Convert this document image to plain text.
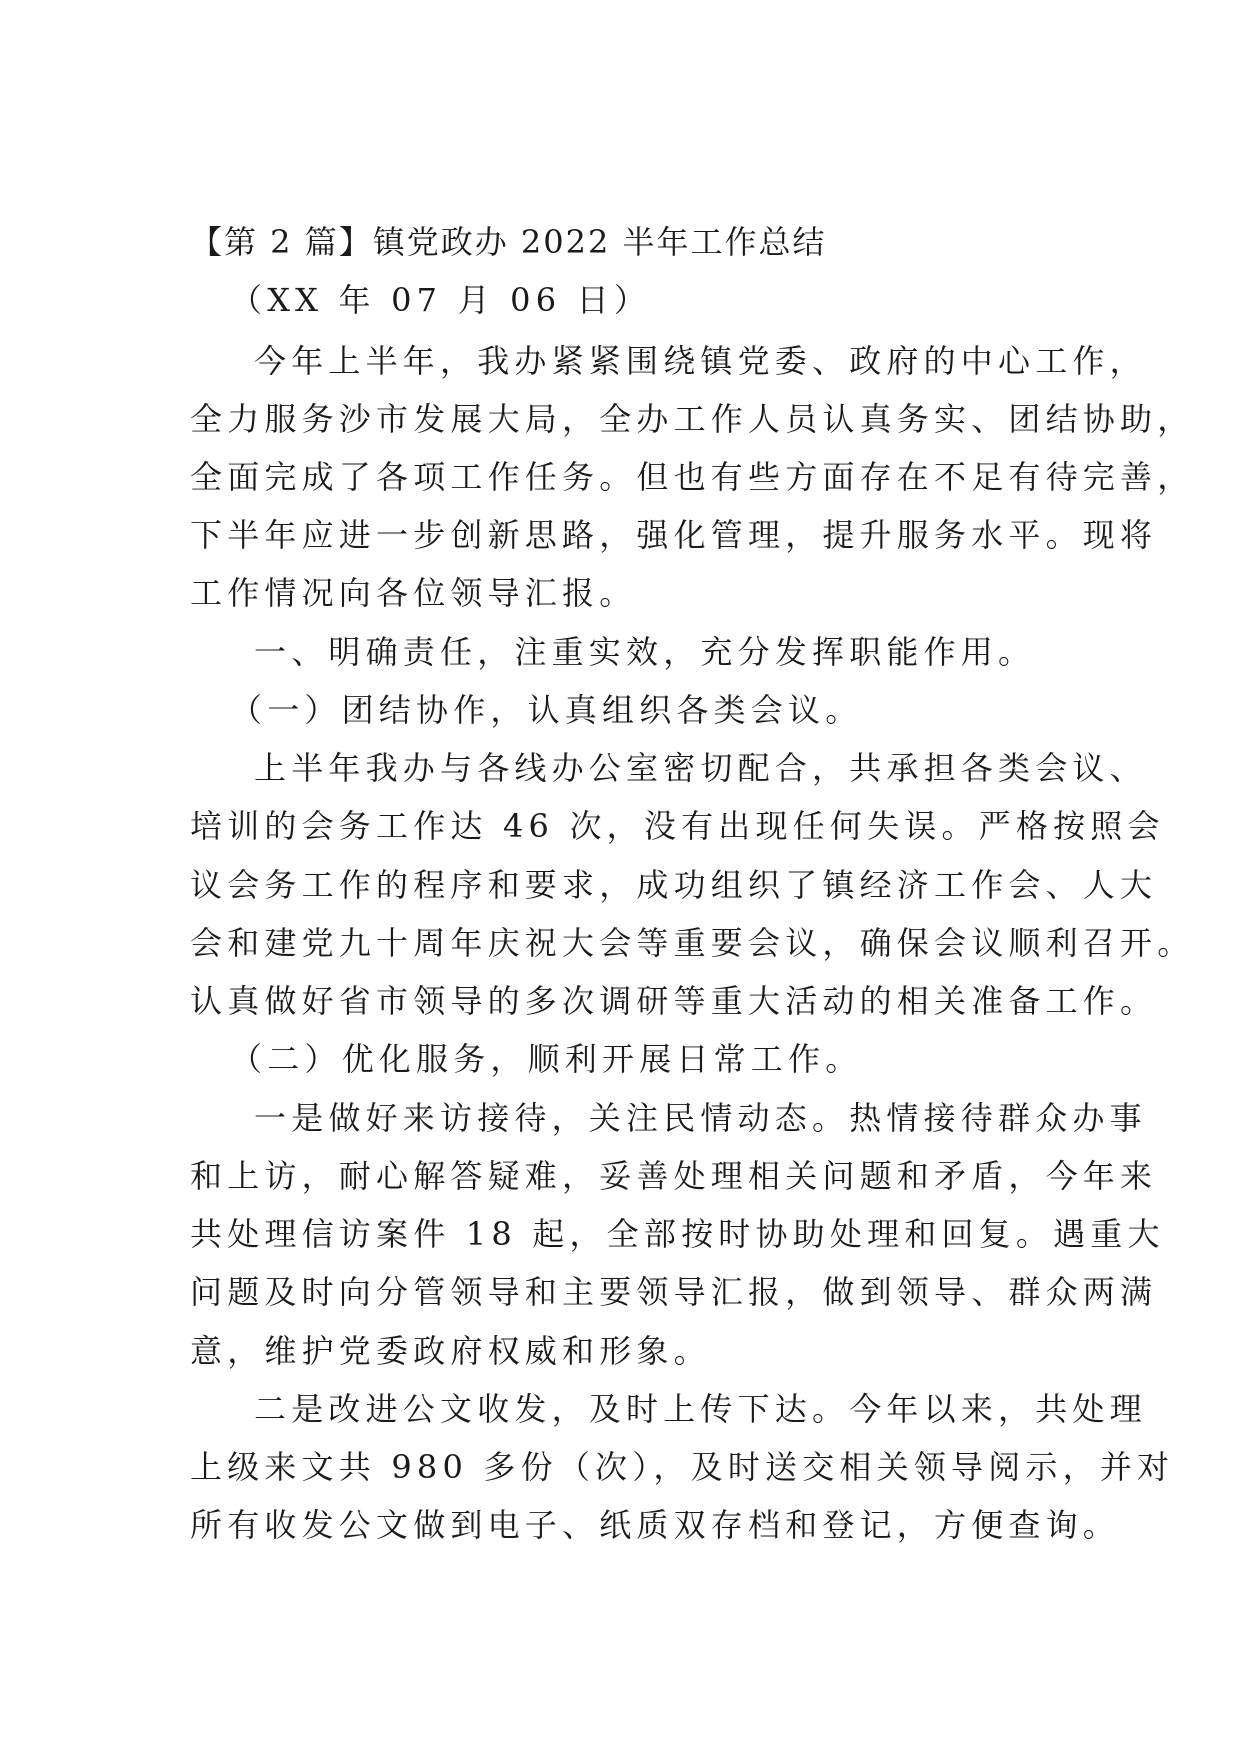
【第 2 篇】镇党政办 2022 半年工作总结

（XX 年 07 月 06 日）

今年上半年，我办紧紧围绕镇党委、政府的中心工作，

全力服务沙市发展大局，全办工作人员认真务实、团结协助，

全面完成了各项工作任务。但也有些方面存在不足有待完善，

下半年应进一步创新思路，强化管理，提升服务水平。现将

工作情况向各位领导汇报。

一、明确责任，注重实效，充分发挥职能作用。

（一）团结协作，认真组织各类会议。

上半年我办与各线办公室密切配合，共承担各类会议、

培训的会务工作达 46 次，没有出现任何失误。严格按照会

议会务工作的程序和要求，成功组织了镇经济工作会、人大

会和建党九十周年庆祝大会等重要会议，确保会议顺利召开。

认真做好省市领导的多次调研等重大活动的相关准备工作。

（二）优化服务，顺利开展日常工作。

一是做好来访接待，关注民情动态。热情接待群众办事

和上访，耐心解答疑难，妥善处理相关问题和矛盾，今年来

共处理信访案件 18 起，全部按时协助处理和回复。遇重大

问题及时向分管领导和主要领导汇报，做到领导、群众两满

意，维护党委政府权威和形象。

二是改进公文收发，及时上传下达。今年以来，共处理

上级来文共 980 多份（次），及时送交相关领导阅示，并对

所有收发公文做到电子、纸质双存档和登记，方便查询。
